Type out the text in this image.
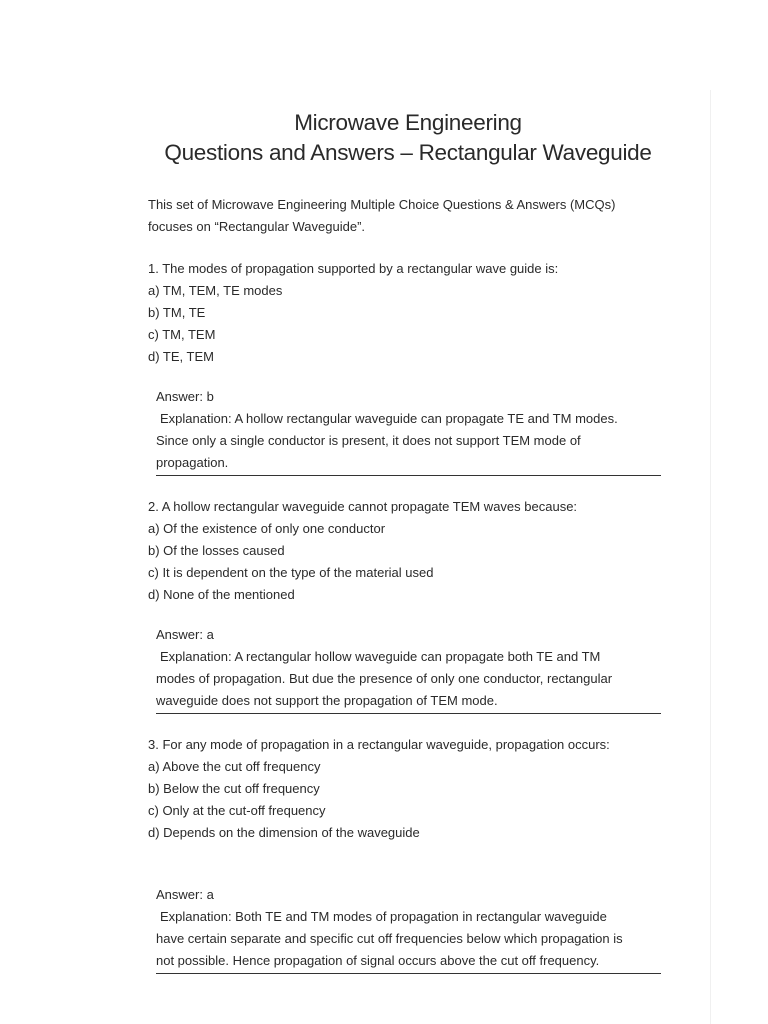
Microwave Engineering
Questions and Answers – Rectangular Waveguide
This set of Microwave Engineering Multiple Choice Questions & Answers (MCQs)
focuses on “Rectangular Waveguide”.
1. The modes of propagation supported by a rectangular wave guide is:
a) TM, TEM, TE modes
b) TM, TE
c) TM, TEM
d) TE, TEM
Answer: b
Explanation: A hollow rectangular waveguide can propagate TE and TM modes.
Since only a single conductor is present, it does not support TEM mode of
propagation.
2. A hollow rectangular waveguide cannot propagate TEM waves because:
a) Of the existence of only one conductor
b) Of the losses caused
c) It is dependent on the type of the material used
d) None of the mentioned
Answer: a
Explanation: A rectangular hollow waveguide can propagate both TE and TM
modes of propagation. But due the presence of only one conductor, rectangular
waveguide does not support the propagation of TEM mode.
3. For any mode of propagation in a rectangular waveguide, propagation occurs:
a) Above the cut off frequency
b) Below the cut off frequency
c) Only at the cut-off frequency
d) Depends on the dimension of the waveguide
Answer: a
Explanation: Both TE and TM modes of propagation in rectangular waveguide
have certain separate and specific cut off frequencies below which propagation is
not possible. Hence propagation of signal occurs above the cut off frequency.
